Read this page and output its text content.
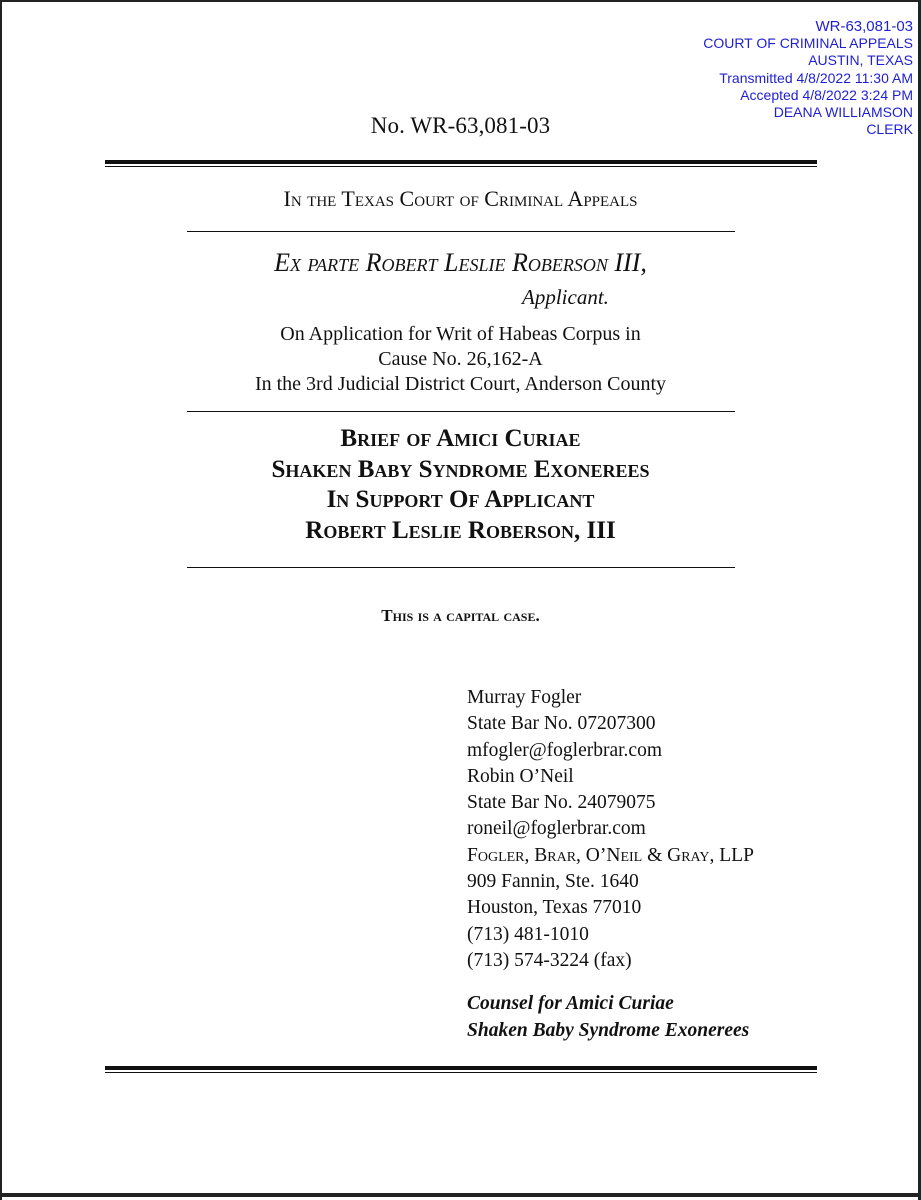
WR-63,081-03
COURT OF CRIMINAL APPEALS
AUSTIN, TEXAS
Transmitted 4/8/2022 11:30 AM
Accepted 4/8/2022 3:24 PM
DEANA WILLIAMSON
CLERK
No. WR-63,081-03
In the Texas Court of Criminal Appeals
Ex parte Robert Leslie Roberson III,
Applicant.
On Application for Writ of Habeas Corpus in
Cause No. 26,162-A
In the 3rd Judicial District Court, Anderson County
Brief of Amici Curiae
Shaken Baby Syndrome Exonerees
In Support Of Applicant
Robert Leslie Roberson, III
This is a capital case.
Murray Fogler
State Bar No. 07207300
mfogler@foglerbrar.com
Robin O’Neil
State Bar No. 24079075
roneil@foglerbrar.com
Fogler, Brar, O’Neil & Gray, LLP
909 Fannin, Ste. 1640
Houston, Texas 77010
(713) 481-1010
(713) 574-3224 (fax)
Counsel for Amici Curiae
Shaken Baby Syndrome Exonerees
